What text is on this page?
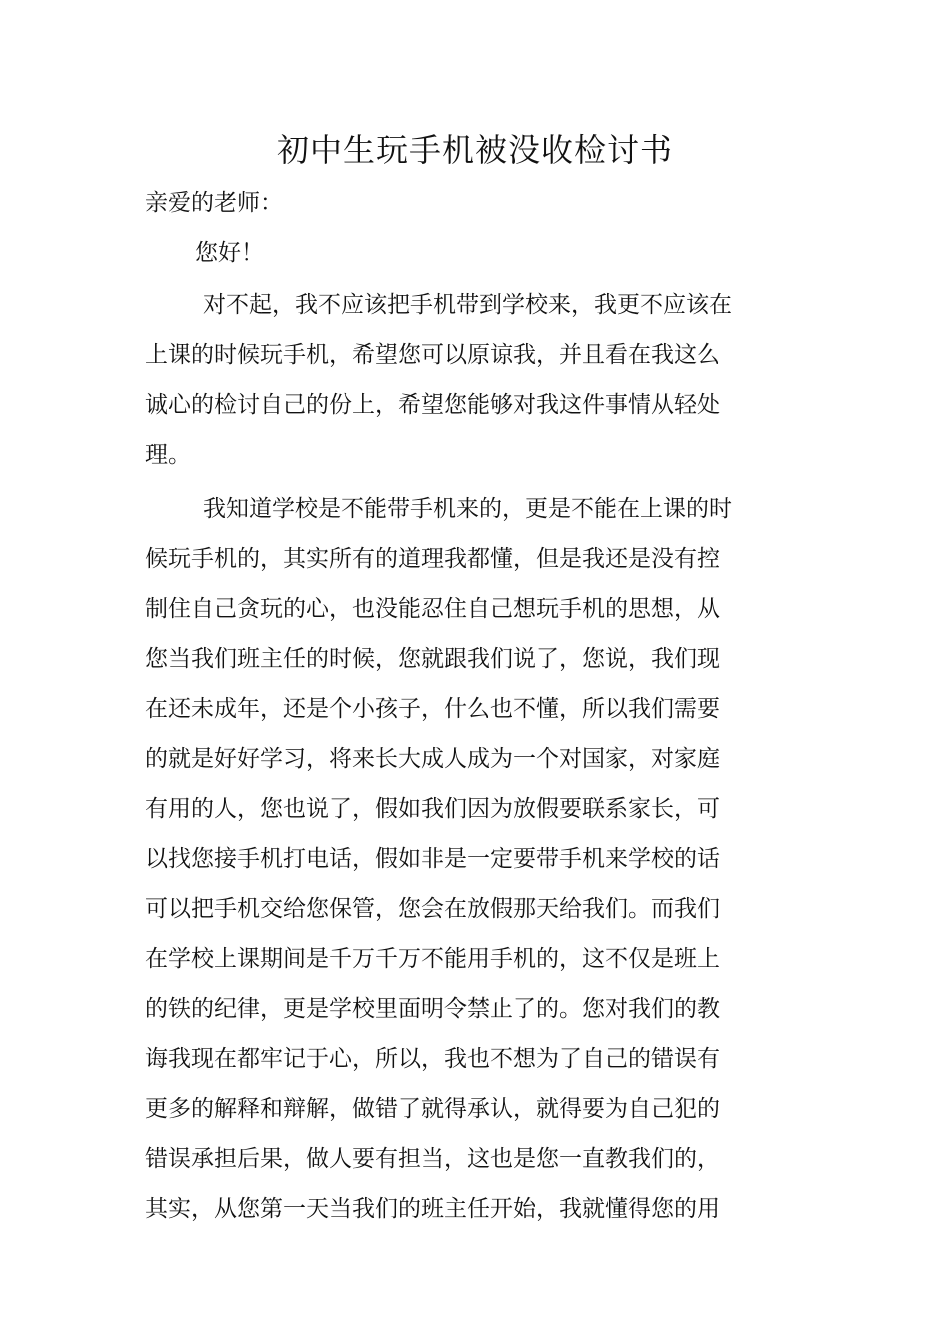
初中生玩手机被没收检讨书
亲爱的老师：
您好！
对不起，我不应该把手机带到学校来，我更不应该在
上课的时候玩手机，希望您可以原谅我，并且看在我这么
诚心的检讨自己的份上，希望您能够对我这件事情从轻处
理。
我知道学校是不能带手机来的，更是不能在上课的时
候玩手机的，其实所有的道理我都懂，但是我还是没有控
制住自己贪玩的心，也没能忍住自己想玩手机的思想，从
您当我们班主任的时候，您就跟我们说了，您说，我们现
在还未成年，还是个小孩子，什么也不懂，所以我们需要
的就是好好学习，将来长大成人成为一个对国家，对家庭
有用的人，您也说了，假如我们因为放假要联系家长，可
以找您接手机打电话，假如非是一定要带手机来学校的话
可以把手机交给您保管，您会在放假那天给我们。而我们
在学校上课期间是千万千万不能用手机的，这不仅是班上
的铁的纪律，更是学校里面明令禁止了的。您对我们的教
诲我现在都牢记于心，所以，我也不想为了自己的错误有
更多的解释和辩解，做错了就得承认，就得要为自己犯的
错误承担后果，做人要有担当，这也是您一直教我们的，
其实，从您第一天当我们的班主任开始，我就懂得您的用
